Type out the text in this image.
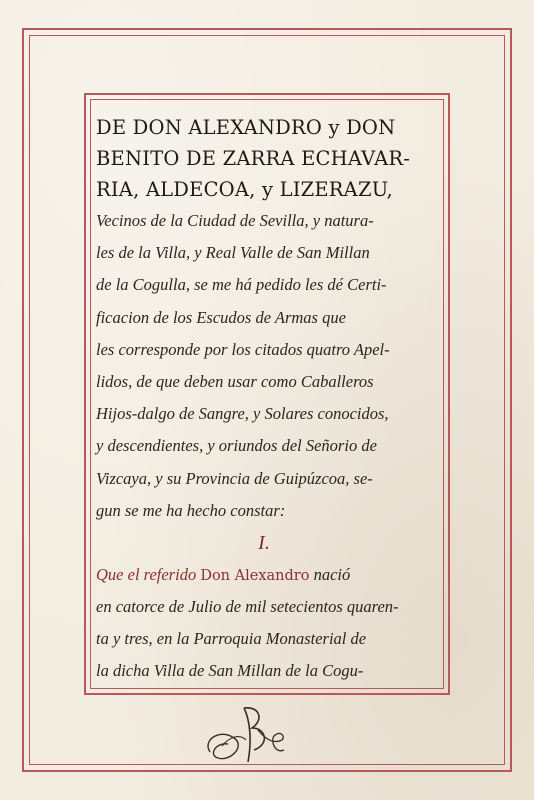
DE DON ALEXANDRO y DON
BENITO DE ZARRA ECHAVAR-
RIA, ALDECOA, y LIZERAZU,
Vecinos de la Ciudad de Sevilla, y natura-
les de la Villa, y Real Valle de San Millan
de la Cogulla, se me há pedido les dé Certi-
ficacion de los Escudos de Armas que
les corresponde por los citados quatro Apel-
lidos, de que deben usar como Caballeros
Hijos-dalgo de Sangre, y Solares conocidos,
y descendientes, y oriundos del Señorio de
Vizcaya, y su Provincia de Guipúzcoa, se-
gun se me ha hecho constar:
I.
Que el referido Don Alexandro nació
en catorce de Julio de mil setecientos quaren-
ta y tres, en la Parroquia Monasterial de
la dicha Villa de San Millan de la Cogu-
